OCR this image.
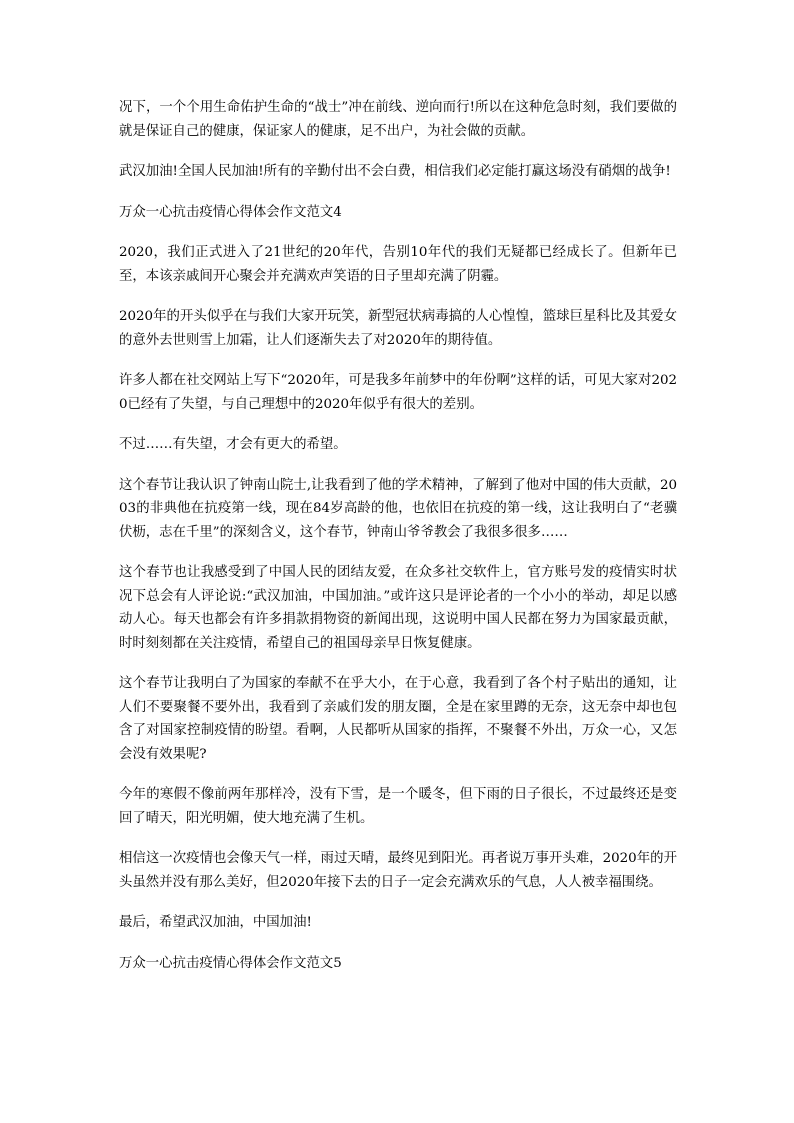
况下，一个个用生命佑护生命的“战士”冲在前线、逆向而行!所以在这种危急时刻，我们要做的就是保证自己的健康，保证家人的健康，足不出户，为社会做的贡献。

武汉加油!全国人民加油!所有的辛勤付出不会白费，相信我们必定能打赢这场没有硝烟的战争!

万众一心抗击疫情心得体会作文范文4

2020，我们正式进入了21世纪的20年代，告别10年代的我们无疑都已经成长了。但新年已至，本该亲戚间开心聚会并充满欢声笑语的日子里却充满了阴霾。

2020年的开头似乎在与我们大家开玩笑，新型冠状病毒搞的人心惶惶，篮球巨星科比及其爱女的意外去世则雪上加霜，让人们逐渐失去了对2020年的期待值。

许多人都在社交网站上写下“2020年，可是我多年前梦中的年份啊”这样的话，可见大家对2020已经有了失望，与自己理想中的2020年似乎有很大的差别。

不过……有失望，才会有更大的希望。

这个春节让我认识了钟南山院士,让我看到了他的学术精神，了解到了他对中国的伟大贡献，2003的非典他在抗疫第一线，现在84岁高龄的他，也依旧在抗疫的第一线，这让我明白了“老骥伏枥，志在千里”的深刻含义，这个春节，钟南山爷爷教会了我很多很多……

这个春节也让我感受到了中国人民的团结友爱，在众多社交软件上，官方账号发的疫情实时状况下总会有人评论说:“武汉加油，中国加油。”或许这只是评论者的一个小小的举动，却足以感动人心。每天也都会有许多捐款捐物资的新闻出现，这说明中国人民都在努力为国家最贡献，时时刻刻都在关注疫情，希望自己的祖国母亲早日恢复健康。

这个春节让我明白了为国家的奉献不在乎大小，在于心意，我看到了各个村子贴出的通知，让人们不要聚餐不要外出，我看到了亲戚们发的朋友圈，全是在家里蹲的无奈，这无奈中却也包含了对国家控制疫情的盼望。看啊，人民都听从国家的指挥，不聚餐不外出，万众一心，又怎会没有效果呢?

今年的寒假不像前两年那样冷，没有下雪，是一个暖冬，但下雨的日子很长，不过最终还是变回了晴天，阳光明媚，使大地充满了生机。

相信这一次疫情也会像天气一样，雨过天晴，最终见到阳光。再者说万事开头难，2020年的开头虽然并没有那么美好，但2020年接下去的日子一定会充满欢乐的气息，人人被幸福围绕。

最后，希望武汉加油，中国加油!

万众一心抗击疫情心得体会作文范文5
